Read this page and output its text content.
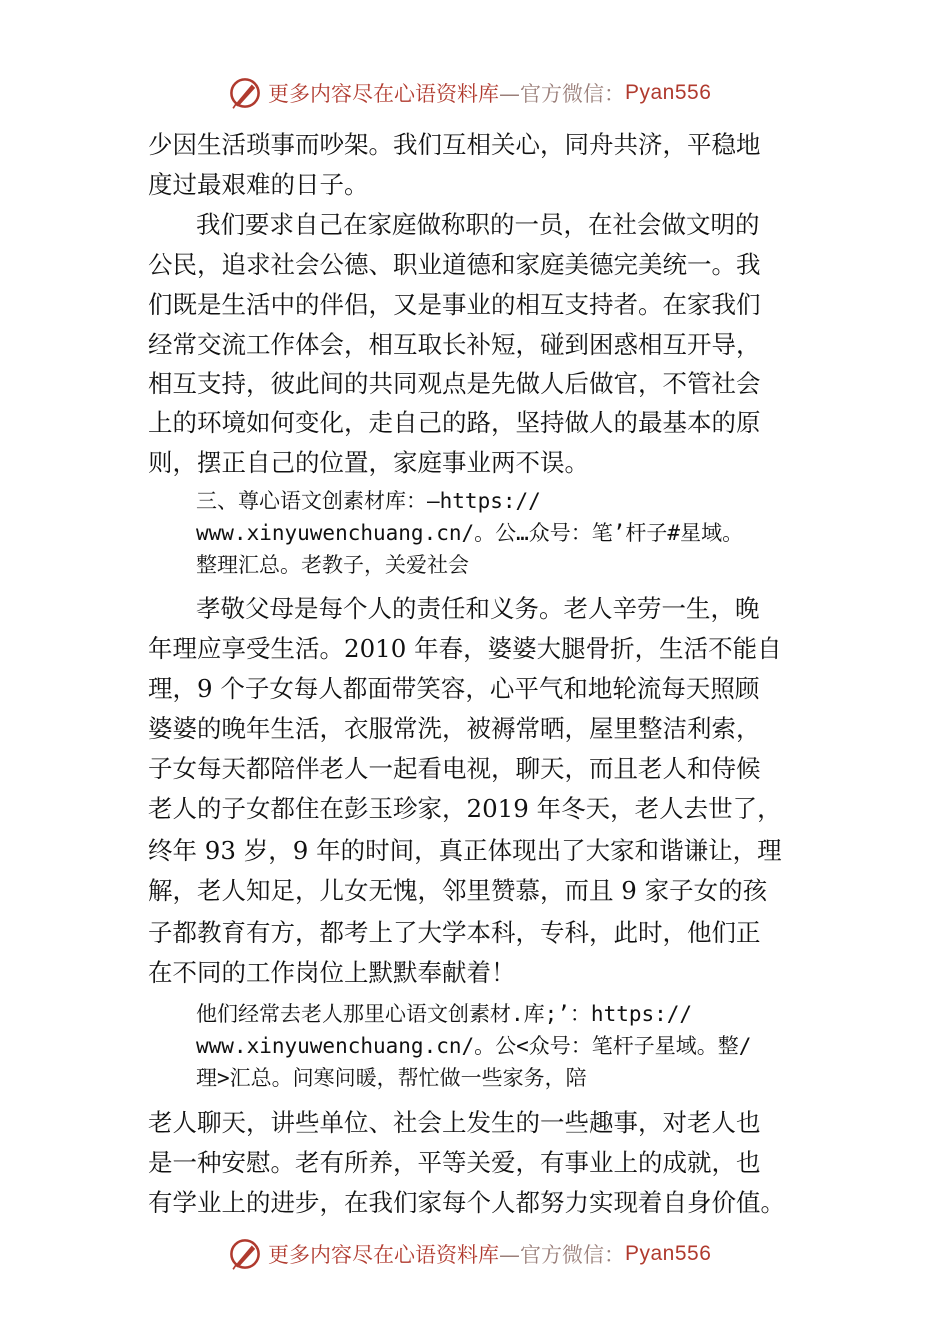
更多内容尽在心语资料库 —官方微信： Pyan556
少因生活琐事而吵架。我们互相关心，同舟共济，平稳地
度过最艰难的日子。
我们要求自己在家庭做称职的一员，在社会做文明的
公民，追求社会公德、职业道德和家庭美德完美统一。我
们既是生活中的伴侣，又是事业的相互支持者。在家我们
经常交流工作体会，相互取长补短，碰到困惑相互开导，
相互支持，彼此间的共同观点是先做人后做官，不管社会
上的环境如何变化，走自己的路，坚持做人的最基本的原
则，摆正自己的位置，家庭事业两不误。
三、尊心语文创素材库：—https://
www.xinyuwenchuang.cn/。公…众号：笔’杆子#星域。
整理汇总。老教子，关爱社会
孝敬父母是每个人的责任和义务。老人辛劳一生，晚
年理应享受生活。2010 年春，婆婆大腿骨折，生活不能自
理，9 个子女每人都面带笑容，心平气和地轮流每天照顾
婆婆的晚年生活，衣服常洗，被褥常晒，屋里整洁利索，
子女每天都陪伴老人一起看电视，聊天，而且老人和侍候
老人的子女都住在彭玉珍家，2019 年冬天，老人去世了，
终年 93 岁，9 年的时间，真正体现出了大家和谐谦让，理
解，老人知足，儿女无愧，邻里赞慕，而且 9 家子女的孩
子都教育有方，都考上了大学本科，专科，此时，他们正
在不同的工作岗位上默默奉献着！
他们经常去老人那里心语文创素材.库;’：https://
www.xinyuwenchuang.cn/。公<众号：笔杆子星域。整/
理>汇总。问寒问暖，帮忙做一些家务，陪
老人聊天，讲些单位、社会上发生的一些趣事，对老人也
是一种安慰。老有所养，平等关爱，有事业上的成就，也
有学业上的进步，在我们家每个人都努力实现着自身价值。
更多内容尽在心语资料库 —官方微信： Pyan556
